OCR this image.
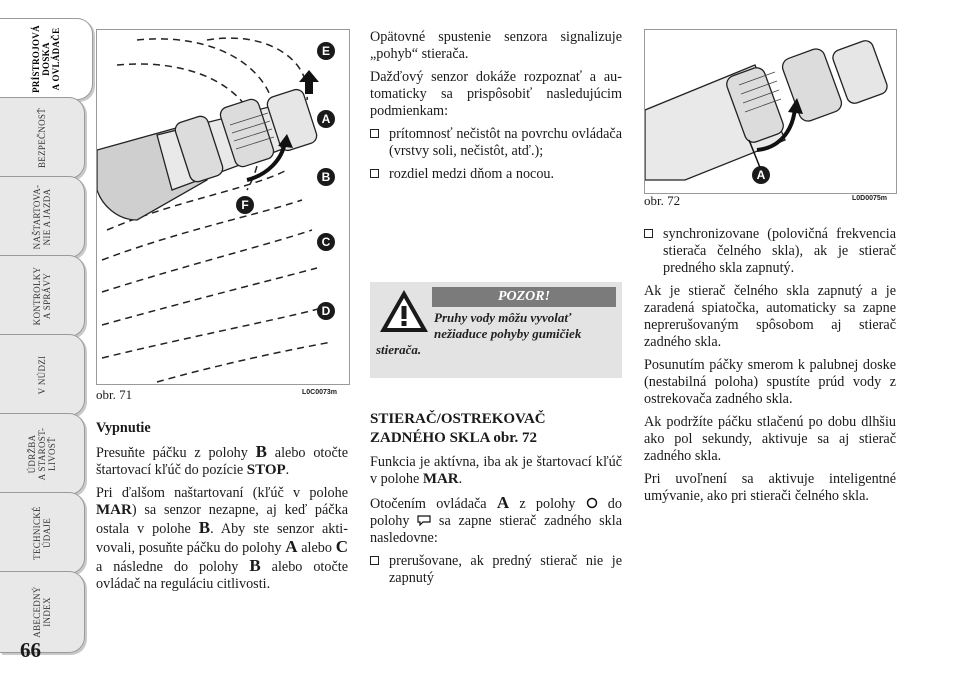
PRÍSTROJOVÁ
DOSKA
A OVLÁDAČE
BEZPEČNOSŤ
NAŠTARTOVA-
NIE A JAZDA
KONTROLKY
A SPRÁVY
V NÚDZI
ÚDRŽBA
A STAROST-
LIVOSŤ
TECHNICKÉ
ÚDAJE
ABECEDNÝ
INDEX
66
E
A
B
F
C
D
obr. 71	L0C0073m
A
obr. 72	L0D0075m

Vypnutie

Presuňte páčku z polohy B alebo otočte štartovací kľúč do pozície STOP.

Pri ďalšom naštartovaní (kľúč v polohe MAR) sa senzor nezapne, aj keď páčka ostala v polohe B. Aby ste senzor aktivovali, posuňte páčku do polohy A alebo C a následne do polohy B alebo otočte ovládač na reguláciu citlivosti.

Opätovné spustenie senzora signalizuje „pohyb“ stierača.

Dažďový senzor dokáže rozpoznať a automaticky sa prispôsobiť nasledujúcim podmienkam:

prítomnosť nečistôt na povrchu ovládača (vrstvy soli, nečistôt, atď.);
rozdiel medzi dňom a nocou.
POZOR!
Pruhy vody môžu vyvolať nežiaduce pohyby gumičiek stierača.
STIERAČ/OSTREKOVAČ
ZADNÉHO SKLA obr. 72

Funkcia je aktívna, iba ak je štartovací kľúč v polohe MAR.

Otočením ovládača A z polohy  do polohy  sa zapne stierač zadného skla nasledovne:

prerušovane, ak predný stierač nie je zapnutý
synchronizovane (polovičná frekvencia stierača čelného skla), ak je stierač predného skla zapnutý.

Ak je stierač čelného skla zapnutý a je zaradená spiatočka, automaticky sa zapne neprerušovaným spôsobom aj stierač zadného skla.

Posunutím páčky smerom k palubnej doske (nestabilná poloha) spustíte prúd vody z ostrekovača zadného skla.

Ak podržíte páčku stlačenú po dobu dlhšiu ako pol sekundy, aktivuje sa aj stierač zadného skla.

Pri uvoľnení sa aktivuje inteligentné umývanie, ako pri stierači čelného skla.
